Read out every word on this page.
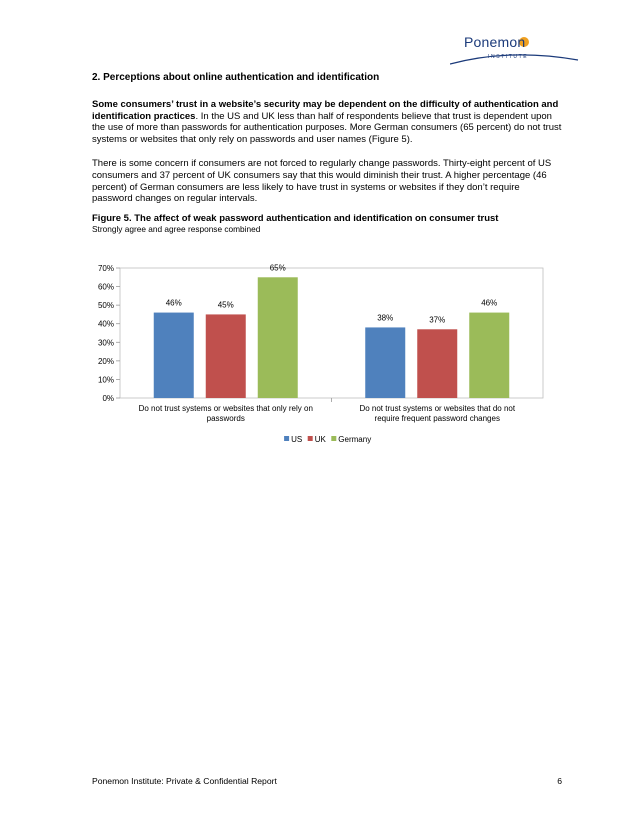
Ponemon
INSTITUTE

2. Perceptions about online authentication and identification

Some consumers’ trust in a website’s security may be dependent on the difficulty of authentication and identification practices. In the US and UK less than half of respondents believe that trust is dependent upon the use of more than passwords for authentication purposes. More German consumers (65 percent) do not trust systems or websites that only rely on passwords and user names (Figure 5).

There is some concern if consumers are not forced to regularly change passwords. Thirty-eight percent of US consumers and 37 percent of UK consumers say that this would diminish their trust. A higher percentage (46 percent) of German consumers are less likely to have trust in systems or websites if they don’t require password changes on regular intervals.

Figure 5. The affect of weak password authentication and identification on consumer trust
Strongly agree and agree response combined
0%
10%
20%
30%
40%
50%
60%
70%
46%	45%
65%
Do not trust systems or websites that only rely on
passwords
38%	37%
46%
Do not trust systems or websites that do not
require frequent password changes
US UK Germany
Ponemon Institute: Private & Confidential Report	6
